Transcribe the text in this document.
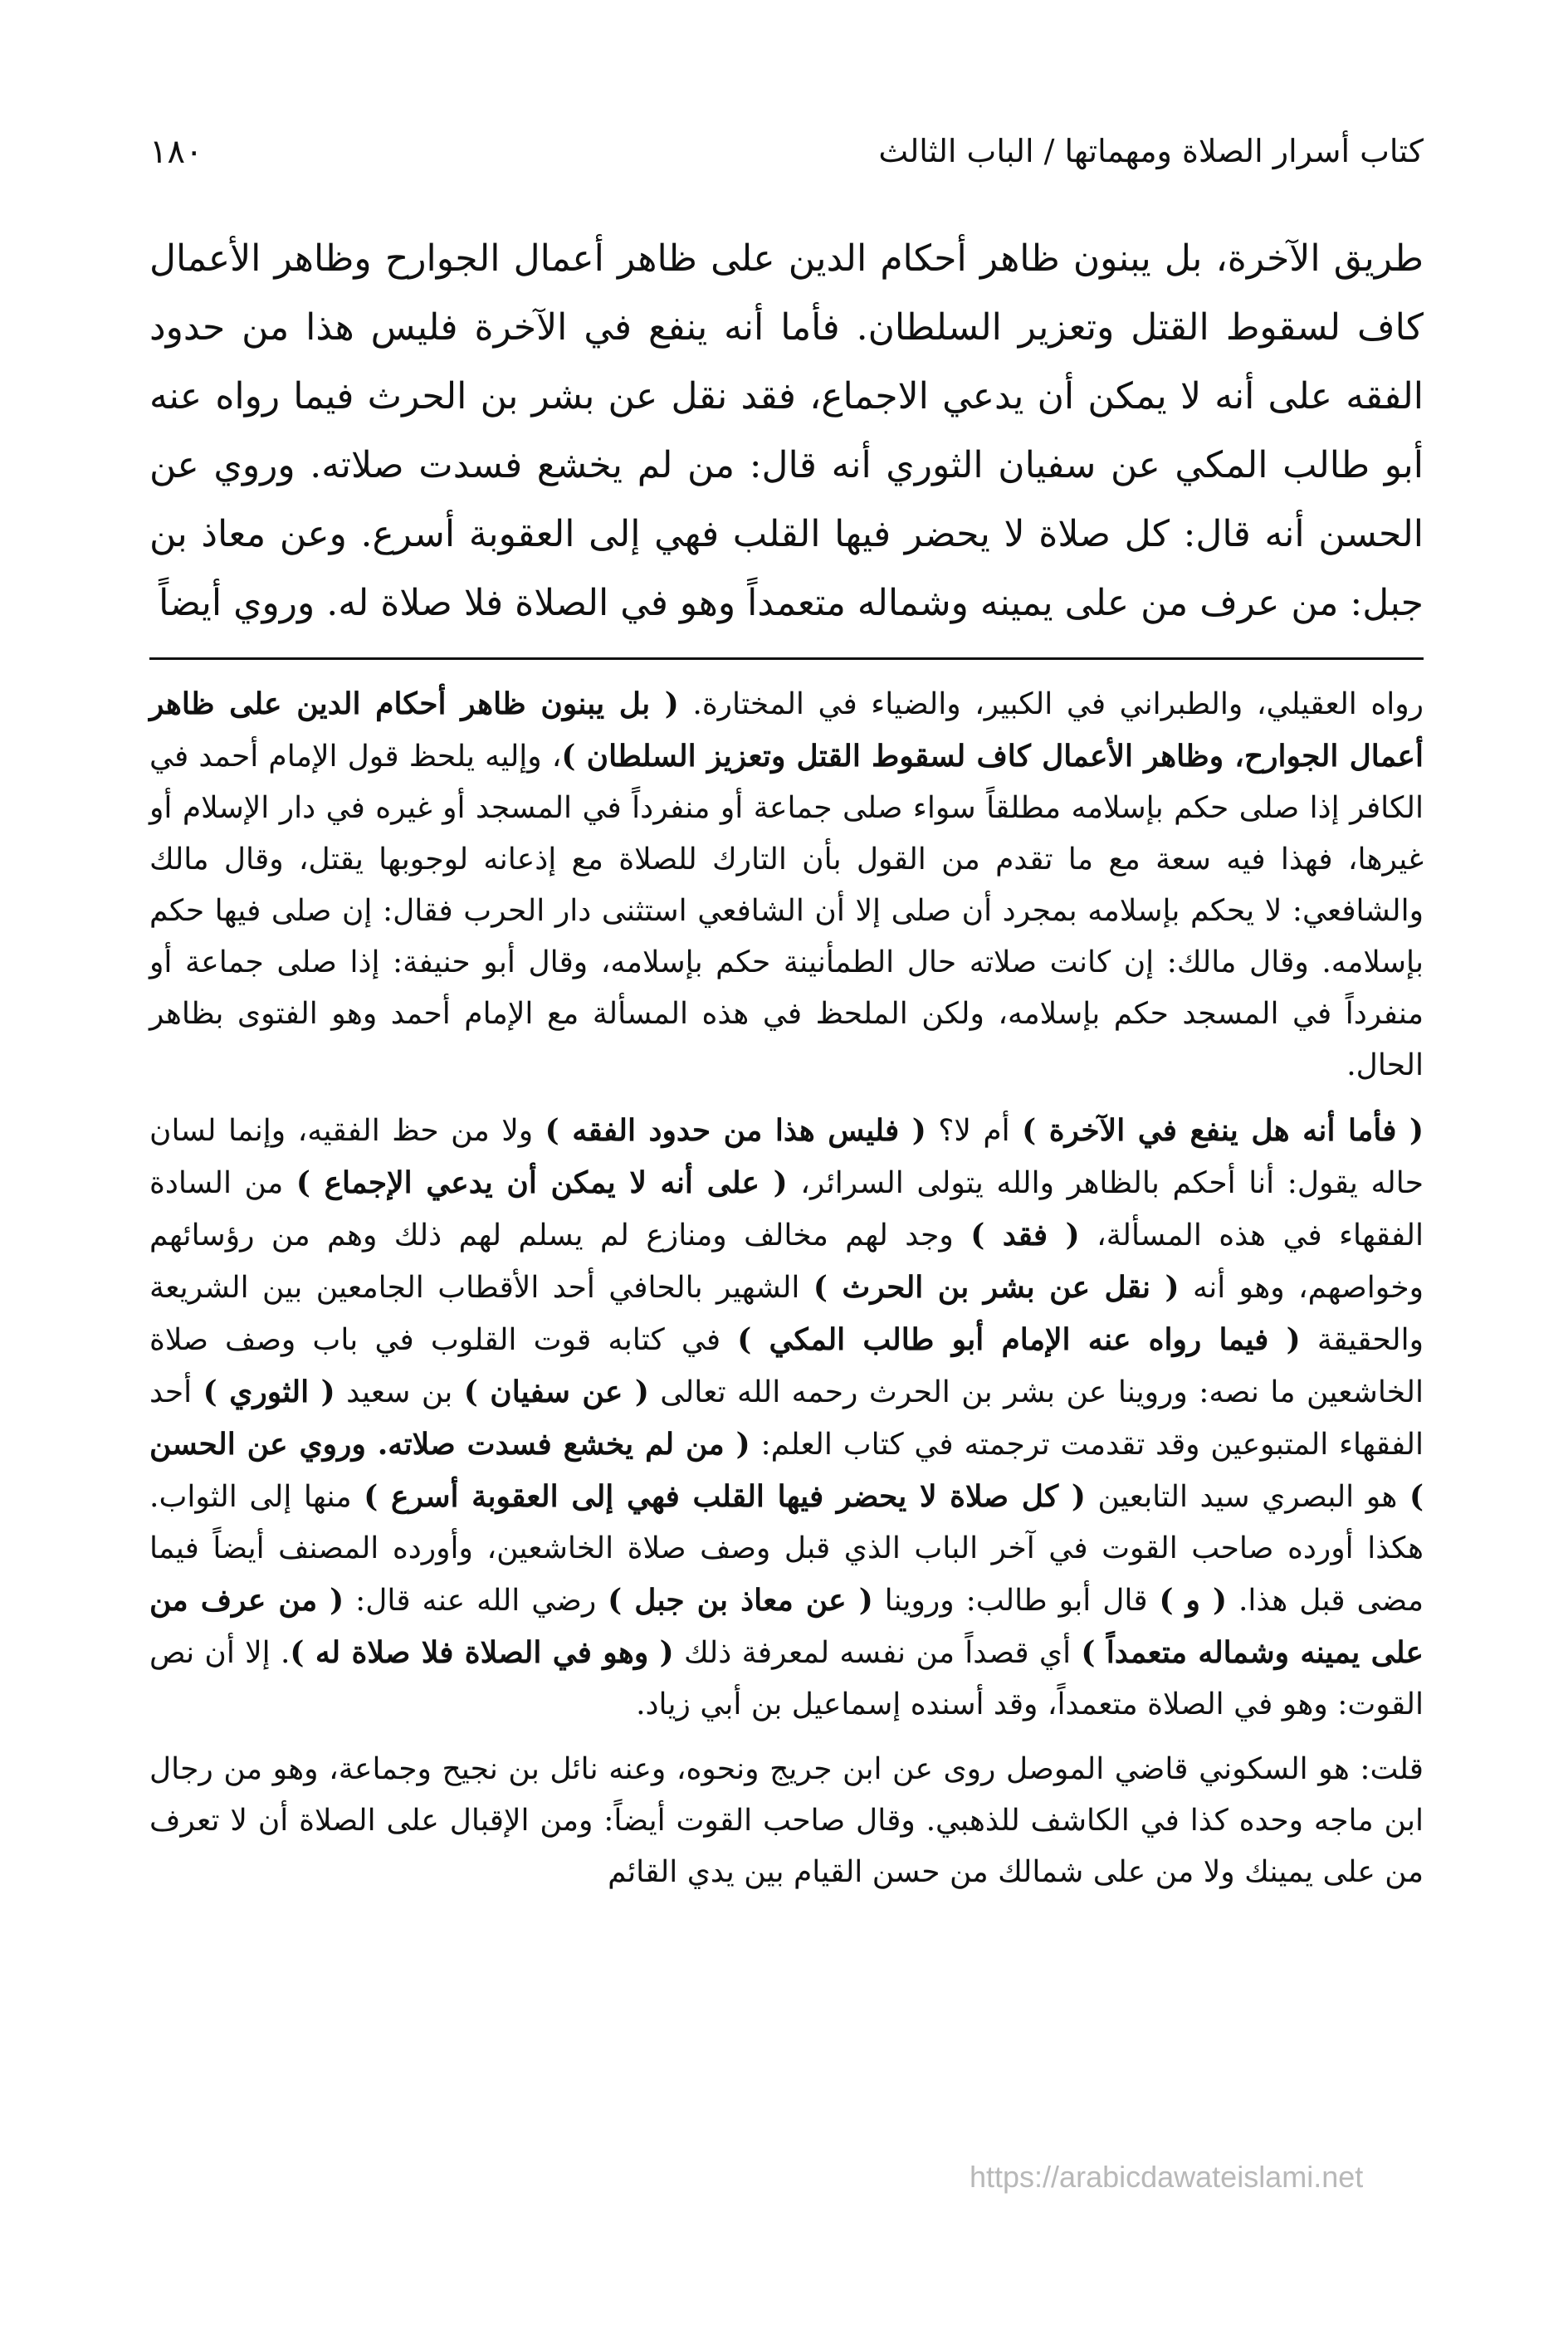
كتاب أسرار الصلاة ومهماتها / الباب الثالث
١٨٠

طريق الآخرة، بل يبنون ظاهر أحكام الدين على ظاهر أعمال الجوارح وظاهر الأعمال كاف لسقوط القتل وتعزير السلطان. فأما أنه ينفع في الآخرة فليس هذا من حدود الفقه على أنه لا يمكن أن يدعي الاجماع، فقد نقل عن بشر بن الحرث فيما رواه عنه أبو طالب المكي عن سفيان الثوري أنه قال: من لم يخشع فسدت صلاته. وروي عن الحسن أنه قال: كل صلاة لا يحضر فيها القلب فهي إلى العقوبة أسرع. وعن معاذ بن جبل: من عرف من على يمينه وشماله متعمداً وهو في الصلاة فلا صلاة له. وروي أيضاً

رواه العقيلي، والطبراني في الكبير، والضياء في المختارة. ( بل يبنون ظاهر أحكام الدين على ظاهر أعمال الجوارح، وظاهر الأعمال كاف لسقوط القتل وتعزيز السلطان )، وإليه يلحظ قول الإمام أحمد في الكافر إذا صلى حكم بإسلامه مطلقاً سواء صلى جماعة أو منفرداً في المسجد أو غيره في دار الإسلام أو غيرها، فهذا فيه سعة مع ما تقدم من القول بأن التارك للصلاة مع إذعانه لوجوبها يقتل، وقال مالك والشافعي: لا يحكم بإسلامه بمجرد أن صلى إلا أن الشافعي استثنى دار الحرب فقال: إن صلى فيها حكم بإسلامه. وقال مالك: إن كانت صلاته حال الطمأنينة حكم بإسلامه، وقال أبو حنيفة: إذا صلى جماعة أو منفرداً في المسجد حكم بإسلامه، ولكن الملحظ في هذه المسألة مع الإمام أحمد وهو الفتوى بظاهر الحال.

( فأما أنه هل ينفع في الآخرة ) أم لا؟ ( فليس هذا من حدود الفقه ) ولا من حظ الفقيه، وإنما لسان حاله يقول: أنا أحكم بالظاهر والله يتولى السرائر، ( على أنه لا يمكن أن يدعي الإجماع ) من السادة الفقهاء في هذه المسألة، ( فقد ) وجد لهم مخالف ومنازع لم يسلم لهم ذلك وهم من رؤسائهم وخواصهم، وهو أنه ( نقل عن بشر بن الحرث ) الشهير بالحافي أحد الأقطاب الجامعين بين الشريعة والحقيقة ( فيما رواه عنه الإمام أبو طالب المكي ) في كتابه قوت القلوب في باب وصف صلاة الخاشعين ما نصه: وروينا عن بشر بن الحرث رحمه الله تعالى ( عن سفيان ) بن سعيد ( الثوري ) أحد الفقهاء المتبوعين وقد تقدمت ترجمته في كتاب العلم: ( من لم يخشع فسدت صلاته. وروي عن الحسن ) هو البصري سيد التابعين ( كل صلاة لا يحضر فيها القلب فهي إلى العقوبة أسرع ) منها إلى الثواب. هكذا أورده صاحب القوت في آخر الباب الذي قبل وصف صلاة الخاشعين، وأورده المصنف أيضاً فيما مضى قبل هذا. ( و ) قال أبو طالب: وروينا ( عن معاذ بن جبل ) رضي الله عنه قال: ( من عرف من على يمينه وشماله متعمداً ) أي قصداً من نفسه لمعرفة ذلك ( وهو في الصلاة فلا صلاة له ). إلا أن نص القوت: وهو في الصلاة متعمداً، وقد أسنده إسماعيل بن أبي زياد.

قلت: هو السكوني قاضي الموصل روى عن ابن جريج ونحوه، وعنه نائل بن نجيح وجماعة، وهو من رجال ابن ماجه وحده كذا في الكاشف للذهبي. وقال صاحب القوت أيضاً: ومن الإقبال على الصلاة أن لا تعرف من على يمينك ولا من على شمالك من حسن القيام بين يدي القائم

https://arabicdawateislami.net
